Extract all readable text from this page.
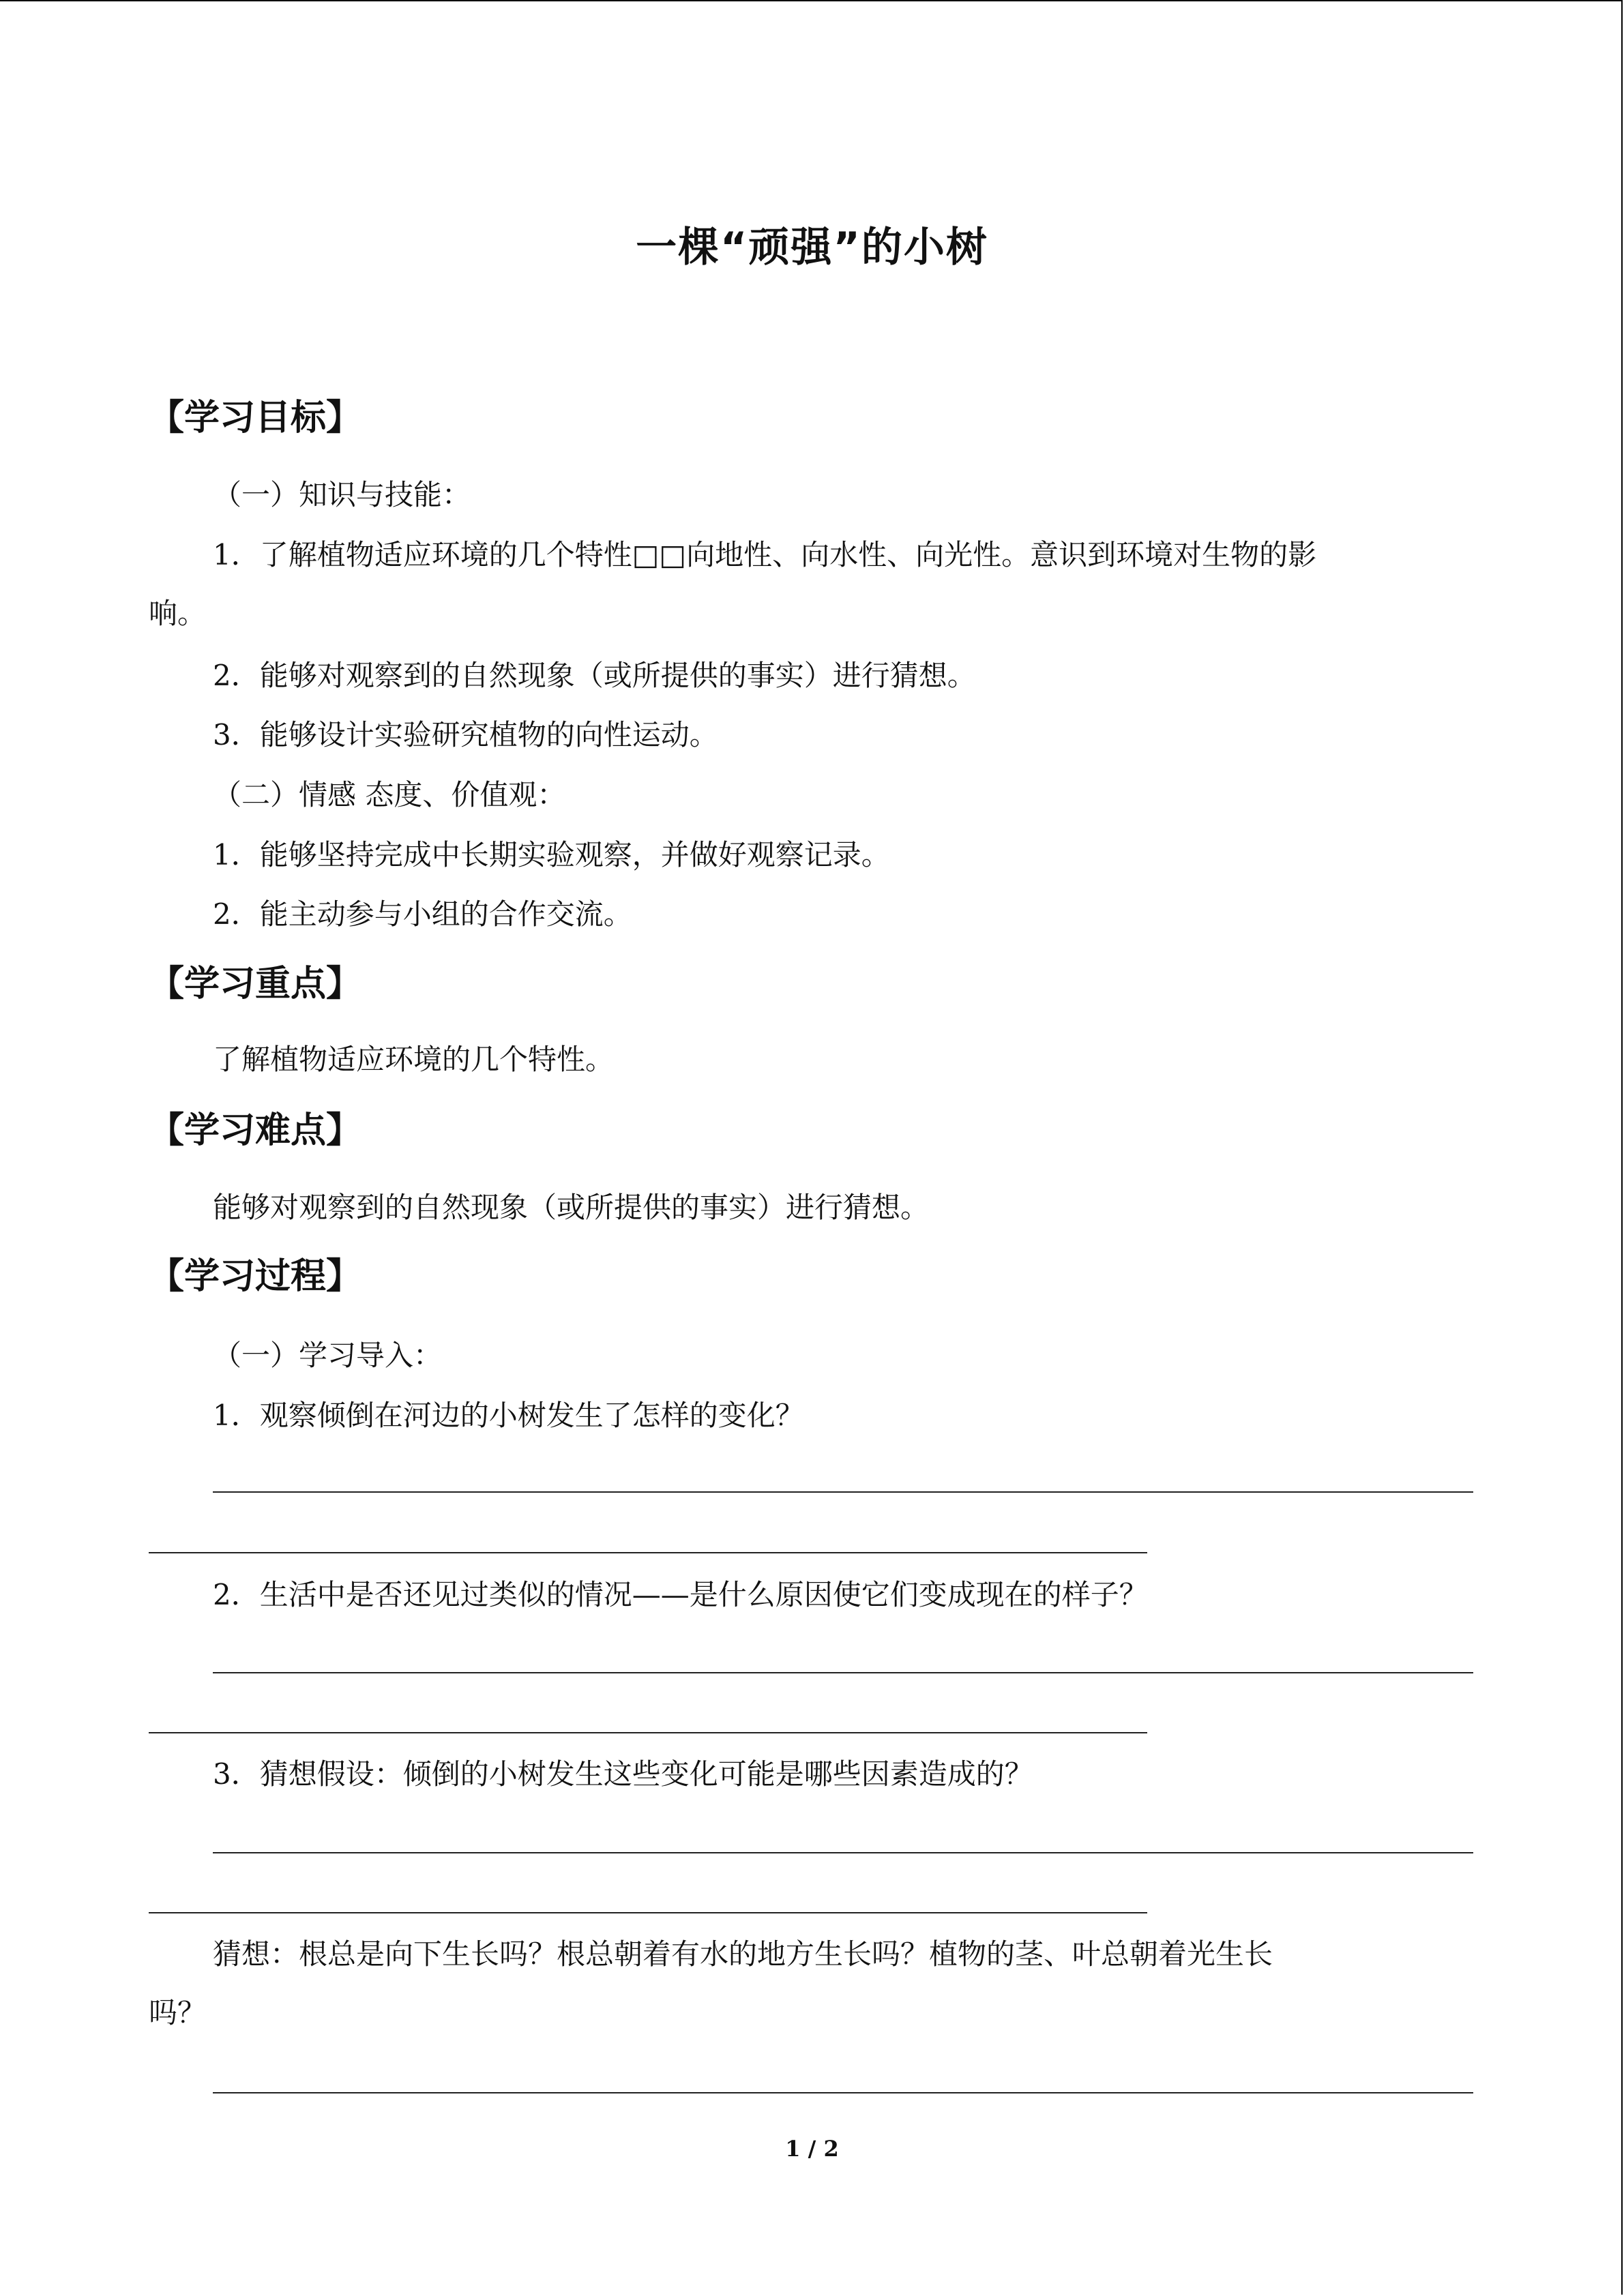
一棵“顽强”的小树
【学习目标】
（一）知识与技能：
1．了解植物适应环境的几个特性□□向地性、向水性、向光性。意识到环境对生物的影
响。
2．能够对观察到的自然现象（或所提供的事实）进行猜想。
3．能够设计实验研究植物的向性运动。
（二）情感 态度、价值观：
1．能够坚持完成中长期实验观察，并做好观察记录。
2．能主动参与小组的合作交流。
【学习重点】
了解植物适应环境的几个特性。
【学习难点】
能够对观察到的自然现象（或所提供的事实）进行猜想。
【学习过程】
（一）学习导入：
1．观察倾倒在河边的小树发生了怎样的变化？
2．生活中是否还见过类似的情况——是什么原因使它们变成现在的样子？
3．猜想假设：倾倒的小树发生这些变化可能是哪些因素造成的？
猜想：根总是向下生长吗？根总朝着有水的地方生长吗？植物的茎、叶总朝着光生长
吗？
1 / 2
